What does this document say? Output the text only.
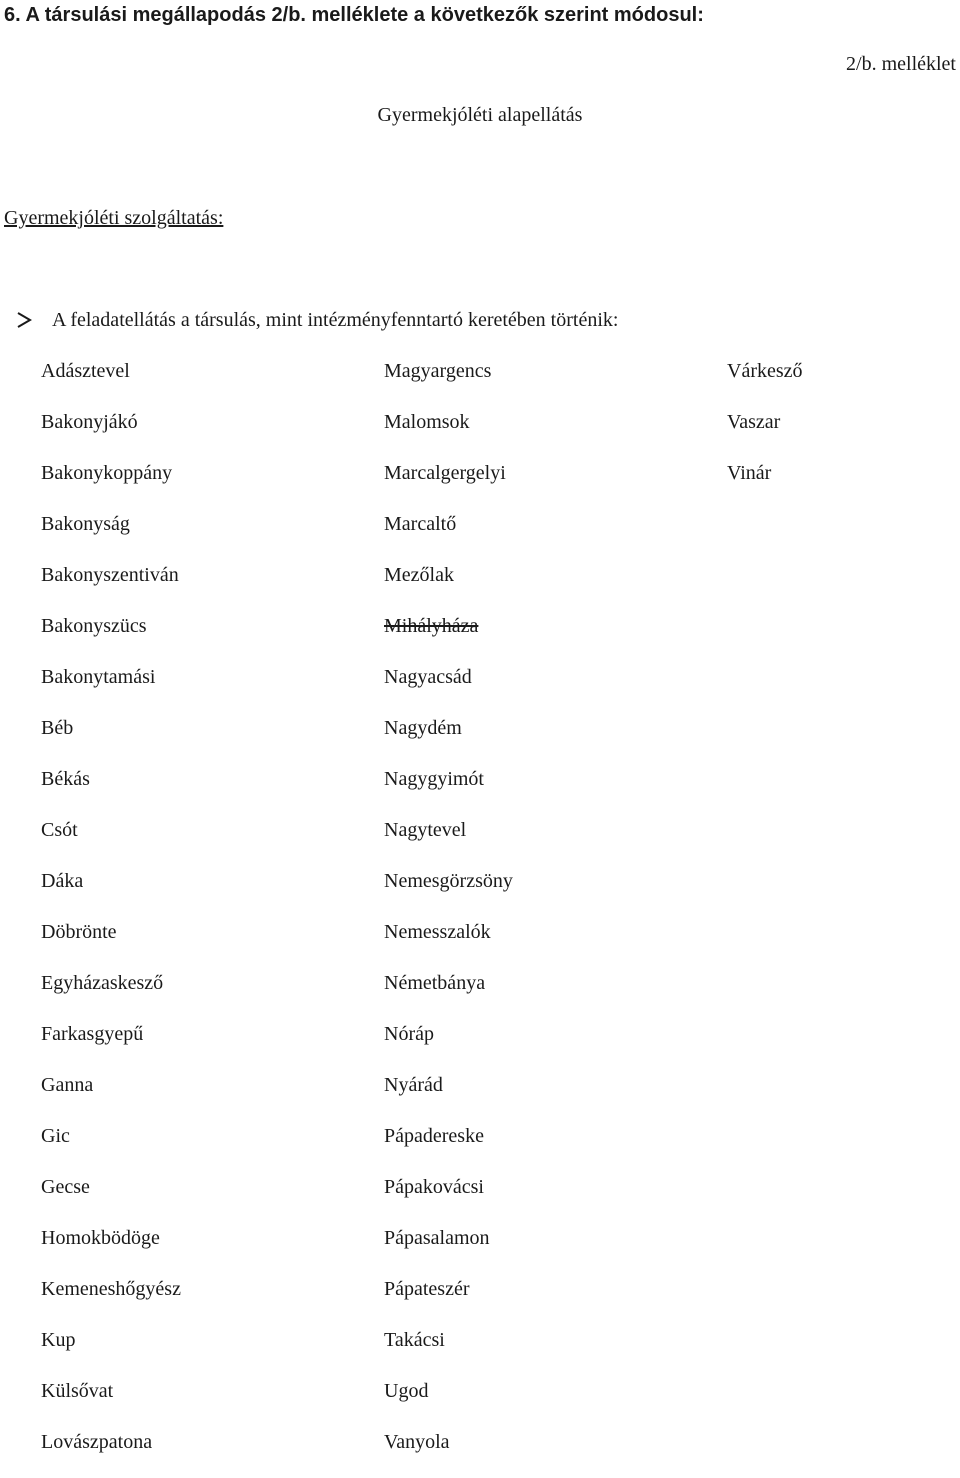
6. A társulási megállapodás 2/b. melléklete a következők szerint módosul:
2/b. melléklet
Gyermekjóléti alapellátás
Gyermekjóléti szolgáltatás:
A feladatellátás a társulás, mint intézményfenntartó keretében történik:
Adásztevel
Bakonyjákó
Bakonykoppány
Bakonyság
Bakonyszentiván
Bakonyszücs
Bakonytamási
Béb
Békás
Csót
Dáka
Döbrönte
Egyházaskesző
Farkasgyepű
Ganna
Gic
Gecse
Homokbödöge
Kemeneshőgyész
Kup
Külsővat
Lovászpatona
Magyargencs
Malomsok
Marcalgergelyi
Marcaltő
Mezőlak
Mihályháza
Nagyacsád
Nagydém
Nagygyimót
Nagytevel
Nemesgörzsöny
Nemesszalók
Németbánya
Nóráp
Nyárád
Pápadereske
Pápakovácsi
Pápasalamon
Pápateszér
Takácsi
Ugod
Vanyola
Várkesző
Vaszar
Vinár
